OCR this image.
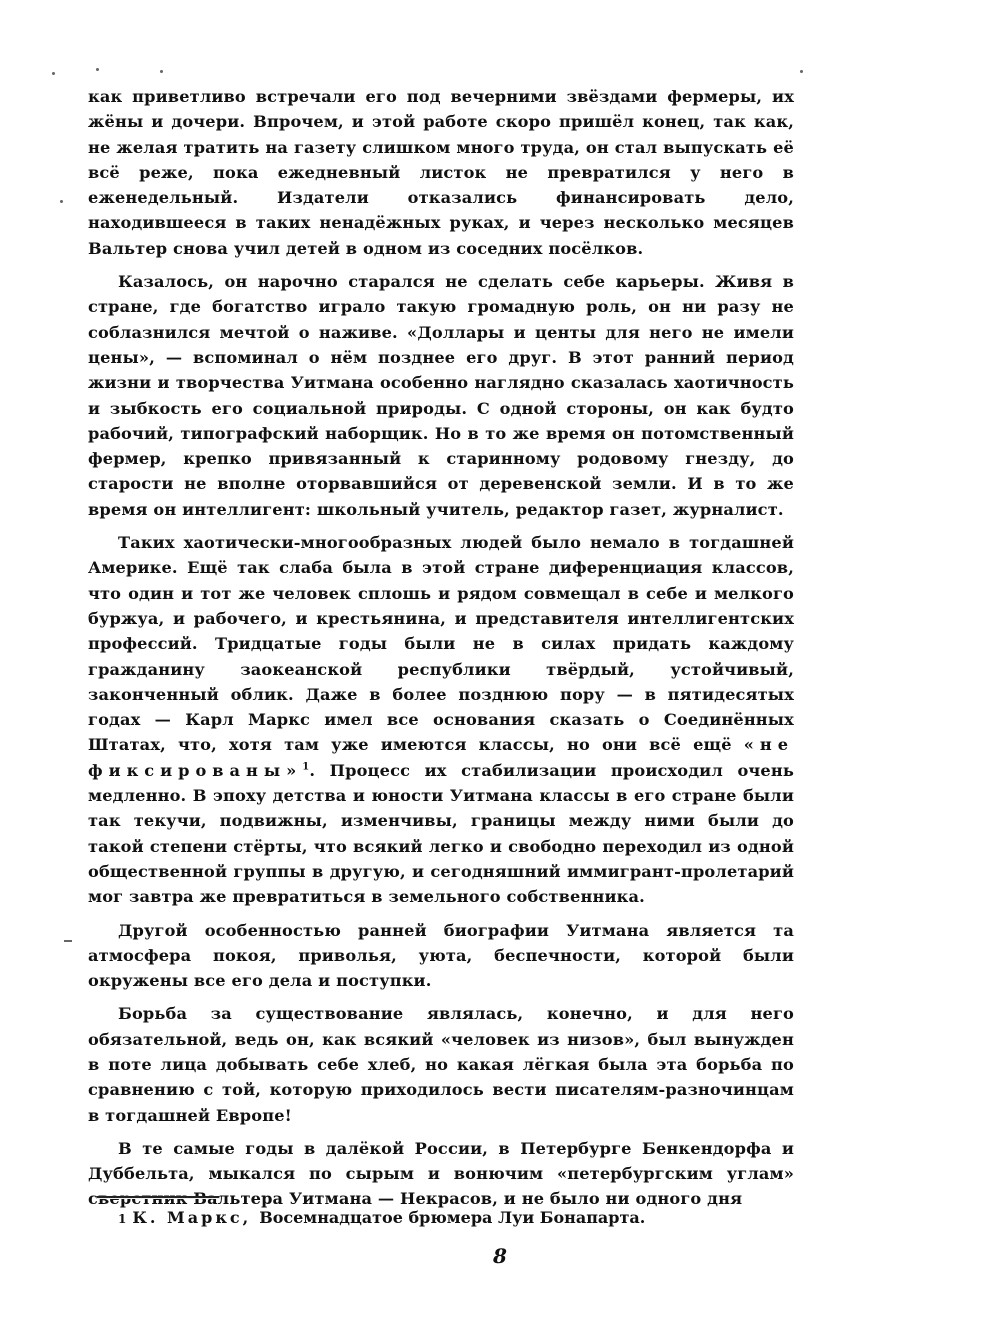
как приветливо встречали его под вечерними звёздами фермеры, их жёны и дочери. Впрочем, и этой работе скоро пришёл конец, так как, не желая тратить на газету слишком много труда, он стал выпускать её всё реже, пока ежедневный листок не превратился у него в еженедельный. Издатели отказались финансировать дело, находившееся в таких ненадёжных руках, и через несколько месяцев Вальтер снова учил детей в одном из соседних посёлков.

Казалось, он нарочно старался не сделать себе карьеры. Живя в стране, где богатство играло такую громадную роль, он ни разу не соблазнился мечтой о наживе. «Доллары и центы для него не имели цены», — вспоминал о нём позднее его друг. В этот ранний период жизни и творчества Уитмана особенно наглядно сказалась хаотичность и зыбкость его социальной природы. С одной стороны, он как будто рабочий, типографский наборщик. Но в то же время он потомственный фермер, крепко привязанный к старинному родовому гнезду, до старости не вполне оторвавшийся от деревенской земли. И в то же время он интеллигент: школьный учитель, редактор газет, журналист.

Таких хаотически-многообразных людей было немало в тогдашней Америке. Ещё так слаба была в этой стране диференциация классов, что один и тот же человек сплошь и рядом совмещал в себе и мелкого буржуа, и рабочего, и крестьянина, и представителя интеллигентских профессий. Тридцатые годы были не в силах придать каждому гражданину заокеанской республики твёрдый, устойчивый, законченный облик. Даже в более позднюю пору — в пятидесятых годах — Карл Маркс имел все основания сказать о Соединённых Штатах, что, хотя там уже имеются классы, но они всё ещё «не фиксированы»$^1$. Процесс их стабилизации происходил очень медленно. В эпоху детства и юности Уитмана классы в его стране были так текучи, подвижны, изменчивы, границы между ними были до такой степени стёрты, что всякий легко и свободно переходил из одной общественной группы в другую, и сегодняшний иммигрант-пролетарий мог завтра же превратиться в земельного собственника.

Другой особенностью ранней биографии Уитмана является та атмосфера покоя, приволья, уюта, беспечности, которой были окружены все его дела и поступки.

Борьба за существование являлась, конечно, и для него обязательной, ведь он, как всякий «человек из низов», был вынужден в поте лица добывать себе хлеб, но какая лёгкая была эта борьба по сравнению с той, которую приходилось вести писателям-разночинцам в тогдашней Европе!

В те самые годы в далёкой России, в Петербурге Бенкендорфа и Дуббельта, мыкался по сырым и вонючим «петербургским углам» сверстник Вальтера Уитмана — Некрасов, и не было ни одного дня

1 К. Маркс, Восемнадцатое брюмера Луи Бонапарта.
8
